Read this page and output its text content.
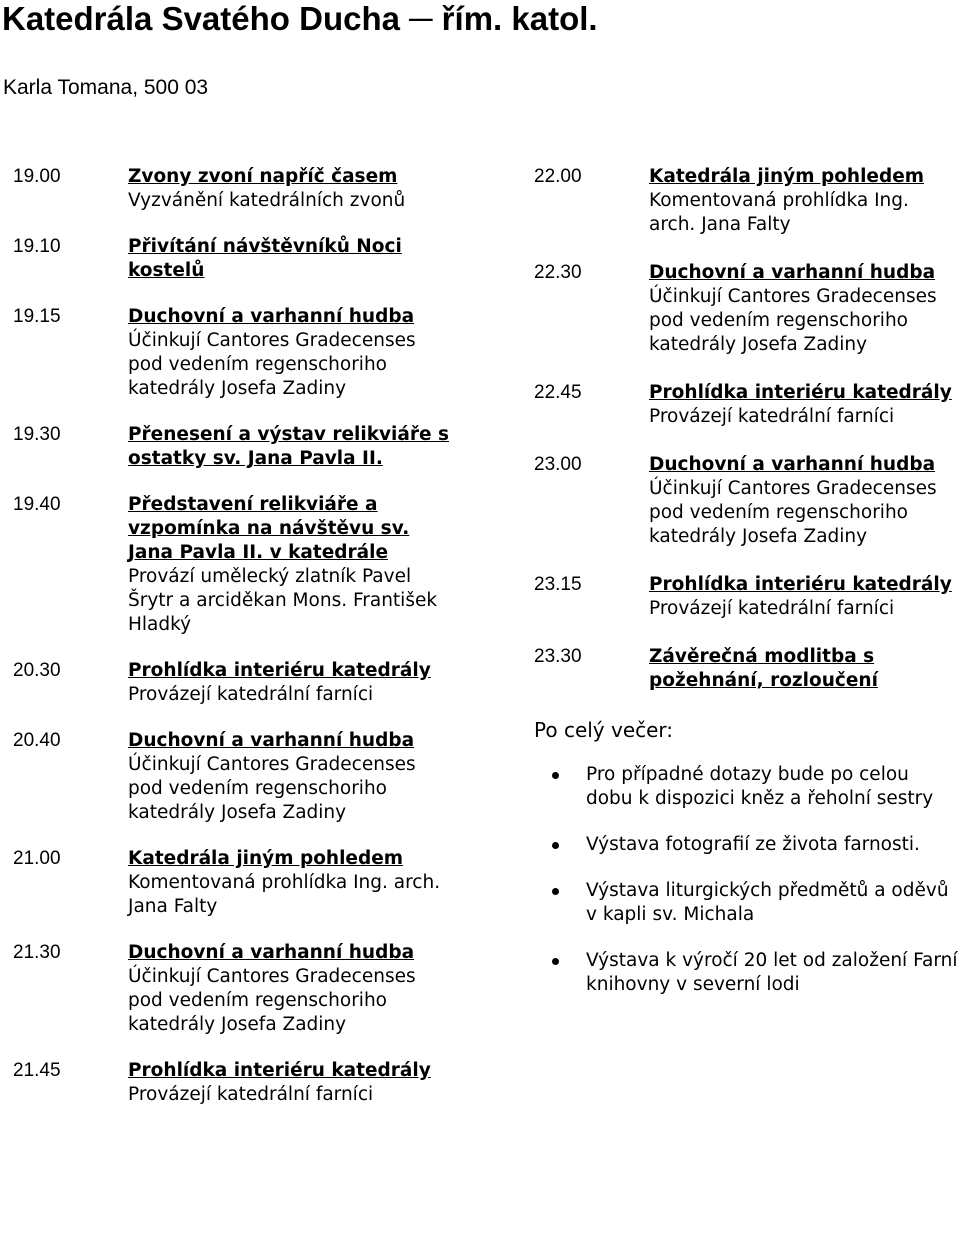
Katedrála Svatého Ducha ─ řím. katol.
Karla Tomana, 500 03
19.00	Zvony zvoní napříč časem
Vyzvánění katedrálních zvonů
19.10	Přivítání návštěvníků Noci kostelů
19.15	Duchovní a varhanní hudba
Účinkují Cantores Gradecenses pod vedením regenschoriho katedrály Josefa Zadiny
19.30	Přenesení a výstav relikviáře s ostatky sv. Jana Pavla II.
19.40	Představení relikviáře a vzpomínka na návštěvu sv. Jana Pavla II. v katedrále
Provází umělecký zlatník Pavel Šrytr a arciděkan Mons. František Hladký
20.30	Prohlídka interiéru katedrály
Provázejí katedrální farníci
20.40	Duchovní a varhanní hudba
Účinkují Cantores Gradecenses pod vedením regenschoriho katedrály Josefa Zadiny
21.00	Katedrála jiným pohledem
Komentovaná prohlídka Ing. arch. Jana Falty
21.30	Duchovní a varhanní hudba
Účinkují Cantores Gradecenses pod vedením regenschoriho katedrály Josefa Zadiny
21.45	Prohlídka interiéru katedrály
Provázejí katedrální farníci
22.00	Katedrála jiným pohledem
Komentovaná prohlídka Ing. arch. Jana Falty
22.30	Duchovní a varhanní hudba
Účinkují Cantores Gradecenses pod vedením regenschoriho katedrály Josefa Zadiny
22.45	Prohlídka interiéru katedrály
Provázejí katedrální farníci
23.00	Duchovní a varhanní hudba
Účinkují Cantores Gradecenses pod vedením regenschoriho katedrály Josefa Zadiny
23.15	Prohlídka interiéru katedrály
Provázejí katedrální farníci
23.30	Závěrečná modlitba s požehnání, rozloučení
Po celý večer:
Pro případné dotazy bude po celou dobu k dispozici kněz a řeholní sestry
Výstava fotografií ze života farnosti.
Výstava liturgických předmětů a oděvů v kapli sv. Michala
Výstava k výročí 20 let od založení Farní knihovny v severní lodi
